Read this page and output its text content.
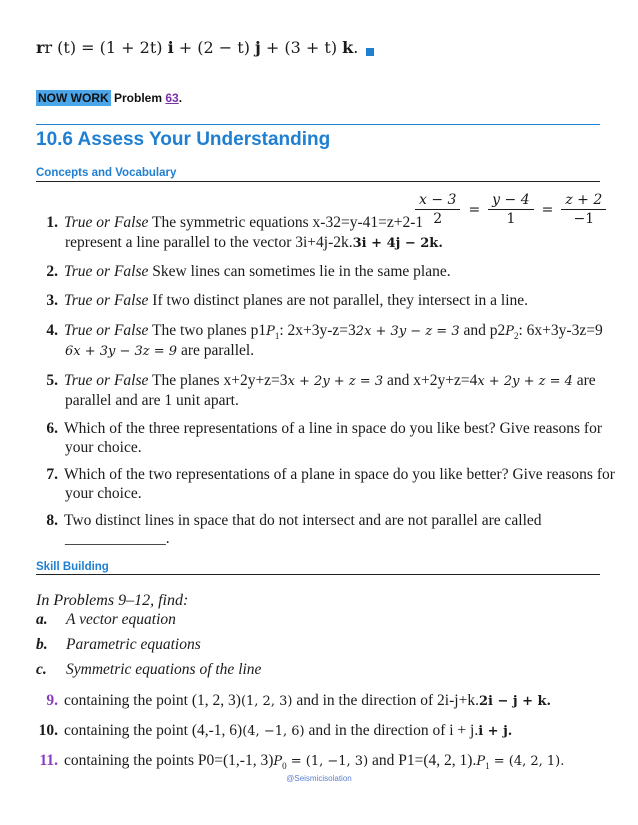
rr (t) = (1 + 2t) i + (2 − t) j + (3 + t) k.
NOW WORK Problem 63.
10.6 Assess Your Understanding
Concepts and Vocabulary
$\frac{x - 3}{2} = \frac{y - 4}{1} = \frac{z + 2}{-1}$
1. True or False The symmetric equations x-32=y-41=z+2-1
represent a line parallel to the vector 3i+4j-2k.3i + 4j − 2k.
2. True or False Skew lines can sometimes lie in the same plane.
3. True or False If two distinct planes are not parallel, they intersect in a line.
4. True or False The two planes $p1P_1$: 2x+3y-z=32x + 3y − z = 3 and $p2P_2$: 6x+3y-3z=9
6x + 3y − 3z = 9 are parallel.
5. True or False The planes x+2y+z=3x + 2y + z = 3 and x+2y+z=4x + 2y + z = 4 are
parallel and are 1 unit apart.
6. Which of the three representations of a line in space do you like best? Give reasons for
your choice.
7. Which of the two representations of a plane in space do you like better? Give reasons for
your choice.
8. Two distinct lines in space that do not intersect and are not parallel are called
_____________.
Skill Building
In Problems 9–12, find:
a. A vector equation
b. Parametric equations
c. Symmetric equations of the line
9. containing the point (1, 2, 3)(1, 2, 3) and in the direction of 2i-j+k.2i − j + k.
10. containing the point (4,-1, 6)(4, −1, 6) and in the direction of i + j.i + j.
11. containing the points P0=(1,-1, $3)P_0 = (1$, −1, 3) and P1=(4, 2, $1).P_1 = (4$, 2, 1).
@Seismicisolation
